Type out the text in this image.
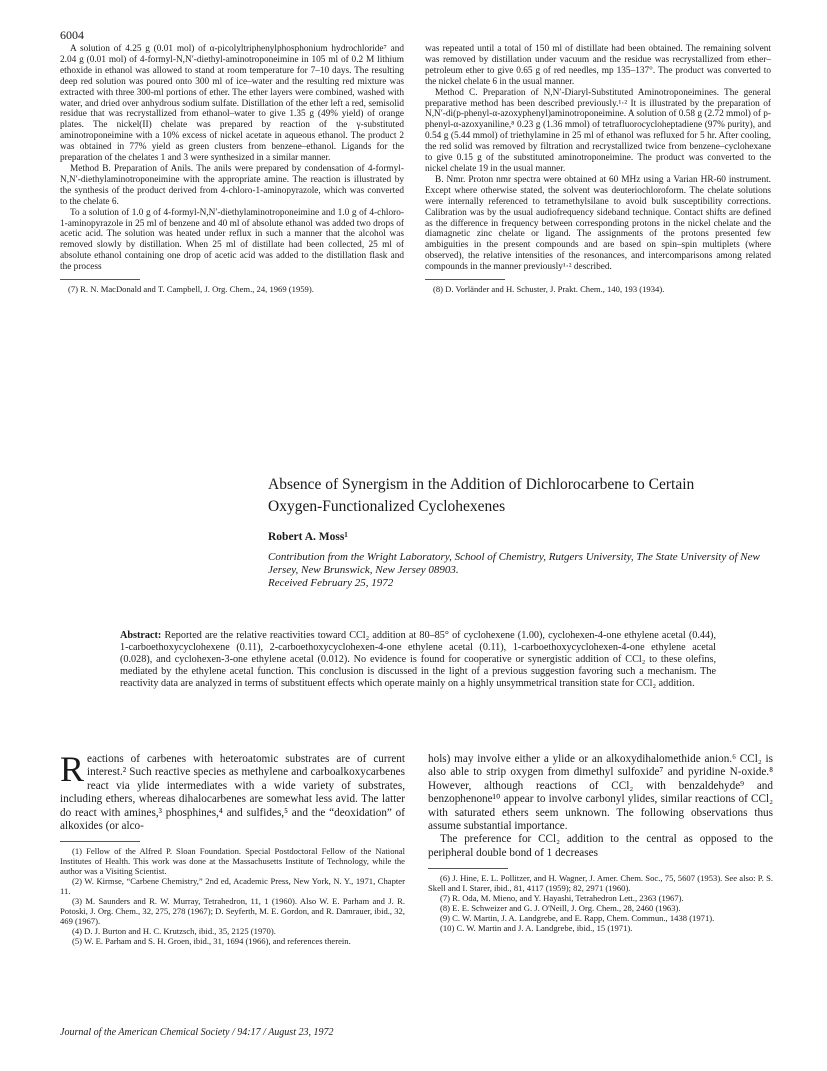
6004

A solution of 4.25 g (0.01 mol) of α-picolyltriphenylphosphonium hydrochloride⁷ and 2.04 g (0.01 mol) of 4-formyl-N,N′-diethyl-aminotroponeimine in 105 ml of 0.2 M lithium ethoxide in ethanol was allowed to stand at room temperature for 7–10 days. The resulting deep red solution was poured onto 300 ml of ice–water and the resulting red mixture was extracted with three 300-ml portions of ether. The ether layers were combined, washed with water, and dried over anhydrous sodium sulfate. Distillation of the ether left a red, semisolid residue that was recrystallized from ethanol–water to give 1.35 g (49% yield) of orange plates. The nickel(II) chelate was prepared by reaction of the γ-substituted aminotroponeimine with a 10% excess of nickel acetate in aqueous ethanol. The product 2 was obtained in 77% yield as green clusters from benzene–ethanol. Ligands for the preparation of the chelates 1 and 3 were synthesized in a similar manner.

Method B. Preparation of Anils. The anils were prepared by condensation of 4-formyl-N,N′-diethylaminotroponeimine with the appropriate amine. The reaction is illustrated by the synthesis of the product derived from 4-chloro-1-aminopyrazole, which was converted to the chelate 6.

To a solution of 1.0 g of 4-formyl-N,N′-diethylaminotroponeimine and 1.0 g of 4-chloro-1-aminopyrazole in 25 ml of benzene and 40 ml of absolute ethanol was added two drops of acetic acid. The solution was heated under reflux in such a manner that the alcohol was removed slowly by distillation. When 25 ml of distillate had been collected, 25 ml of absolute ethanol containing one drop of acetic acid was added to the distillation flask and the process

(7) R. N. MacDonald and T. Campbell, J. Org. Chem., 24, 1969 (1959).

was repeated until a total of 150 ml of distillate had been obtained. The remaining solvent was removed by distillation under vacuum and the residue was recrystallized from ether–petroleum ether to give 0.65 g of red needles, mp 135–137°. The product was converted to the nickel chelate 6 in the usual manner.

Method C. Preparation of N,N′-Diaryl-Substituted Aminotroponeimines. The general preparative method has been described previously.¹·² It is illustrated by the preparation of N,N′-di(p-phenyl-α-azoxyphenyl)aminotroponeimine. A solution of 0.58 g (2.72 mmol) of p-phenyl-α-azoxyaniline,⁸ 0.23 g (1.36 mmol) of tetrafluorocycloheptadiene (97% purity), and 0.54 g (5.44 mmol) of triethylamine in 25 ml of ethanol was refluxed for 5 hr. After cooling, the red solid was removed by filtration and recrystallized twice from benzene–cyclohexane to give 0.15 g of the substituted aminotroponeimine. The product was converted to the nickel chelate 19 in the usual manner.

B. Nmr. Proton nmr spectra were obtained at 60 MHz using a Varian HR-60 instrument. Except where otherwise stated, the solvent was deuteriochloroform. The chelate solutions were internally referenced to tetramethylsilane to avoid bulk susceptibility corrections. Calibration was by the usual audiofrequency sideband technique. Contact shifts are defined as the difference in frequency between corresponding protons in the nickel chelate and the diamagnetic zinc chelate or ligand. The assignments of the protons presented few ambiguities in the present compounds and are based on spin–spin multiplets (where observed), the relative intensities of the resonances, and intercomparisons among related compounds in the manner previously¹·² described.

(8) D. Vorländer and H. Schuster, J. Prakt. Chem., 140, 193 (1934).

Absence of Synergism in the Addition of Dichlorocarbene to Certain Oxygen-Functionalized Cyclohexenes
Robert A. Moss¹
Contribution from the Wright Laboratory, School of Chemistry, Rutgers University, The State University of New Jersey, New Brunswick, New Jersey 08903.
Received February 25, 1972
Abstract: Reported are the relative reactivities toward CCl₂ addition at 80–85° of cyclohexene (1.00), cyclohexen-4-one ethylene acetal (0.44), 1-carboethoxycyclohexene (0.11), 2-carboethoxycyclohexen-4-one ethylene acetal (0.11), 1-carboethoxycyclohexen-4-one ethylene acetal (0.028), and cyclohexen-3-one ethylene acetal (0.012). No evidence is found for cooperative or synergistic addition of CCl₂ to these olefins, mediated by the ethylene acetal function. This conclusion is discussed in the light of a previous suggestion favoring such a mechanism. The reactivity data are analyzed in terms of substituent effects which operate mainly on a highly unsymmetrical transition state for CCl₂ addition.
Reactions of carbenes with heteroatomic substrates are of current interest.² Such reactive species as methylene and carboalkoxycarbenes react via ylide intermediates with a wide variety of substrates, including ethers, whereas dihalocarbenes are somewhat less avid. The latter do react with amines,³ phosphines,⁴ and sulfides,⁵ and the “deoxidation” of alkoxides (or alco-

(1) Fellow of the Alfred P. Sloan Foundation. Special Postdoctoral Fellow of the National Institutes of Health. This work was done at the Massachusetts Institute of Technology, while the author was a Visiting Scientist.

(2) W. Kirmse, “Carbene Chemistry,” 2nd ed, Academic Press, New York, N. Y., 1971, Chapter 11.

(3) M. Saunders and R. W. Murray, Tetrahedron, 11, 1 (1960). Also W. E. Parham and J. R. Potoski, J. Org. Chem., 32, 275, 278 (1967); D. Seyferth, M. E. Gordon, and R. Damrauer, ibid., 32, 469 (1967).

(4) D. J. Burton and H. C. Krutzsch, ibid., 35, 2125 (1970).

(5) W. E. Parham and S. H. Groen, ibid., 31, 1694 (1966), and references therein.

hols) may involve either a ylide or an alkoxydihalomethide anion.⁶ CCl₂ is also able to strip oxygen from dimethyl sulfoxide⁷ and pyridine N-oxide.⁸ However, although reactions of CCl₂ with benzaldehyde⁹ and benzophenone¹⁰ appear to involve carbonyl ylides, similar reactions of CCl₂ with saturated ethers seem unknown. The following observations thus assume substantial importance.

The preference for CCl₂ addition to the central as opposed to the peripheral double bond of 1 decreases

(6) J. Hine, E. L. Pollitzer, and H. Wagner, J. Amer. Chem. Soc., 75, 5607 (1953). See also: P. S. Skell and I. Starer, ibid., 81, 4117 (1959); 82, 2971 (1960).

(7) R. Oda, M. Mieno, and Y. Hayashi, Tetrahedron Lett., 2363 (1967).

(8) E. E. Schweizer and G. J. O'Neill, J. Org. Chem., 28, 2460 (1963).

(9) C. W. Martin, J. A. Landgrebe, and E. Rapp, Chem. Commun., 1438 (1971).

(10) C. W. Martin and J. A. Landgrebe, ibid., 15 (1971).

Journal of the American Chemical Society / 94:17 / August 23, 1972
